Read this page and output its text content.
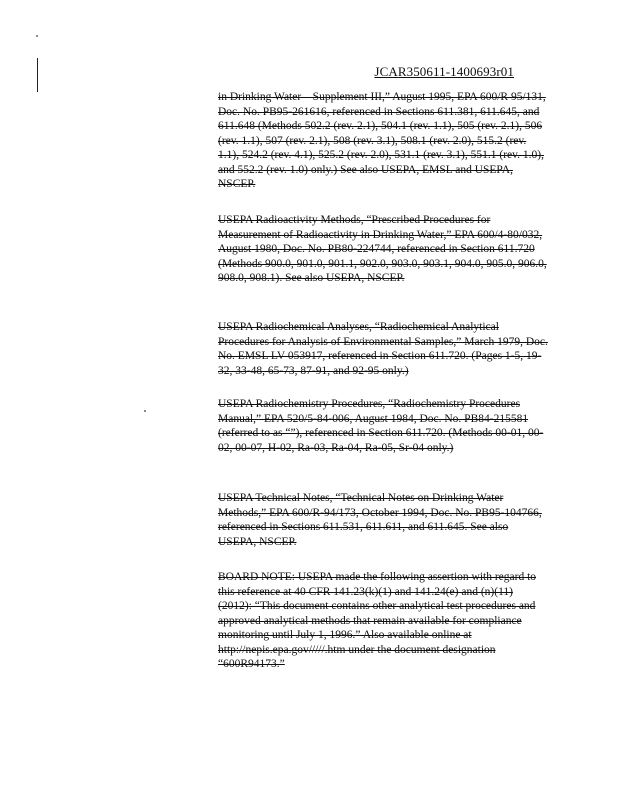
JCAR350611-1400693r01

in Drinking Water – Supplement III,” August 1995, EPA 600/R 95/131, Doc. No. PB95-261616, referenced in Sections 611.381, 611.645, and 611.648 (Methods 502.2 (rev. 2.1), 504.1 (rev. 1.1), 505 (rev. 2.1), 506 (rev. 1.1), 507 (rev. 2.1), 508 (rev. 3.1), 508.1 (rev. 2.0), 515.2 (rev. 1.1), 524.2 (rev. 4.1), 525.2 (rev. 2.0), 531.1 (rev. 3.1), 551.1 (rev. 1.0), and 552.2 (rev. 1.0) only.) See also USEPA, EMSL and USEPA, NSCEP.

USEPA Radioactivity Methods, “Prescribed Procedures for Measurement of Radioactivity in Drinking Water,” EPA 600/4-80/032, August 1980, Doc. No. PB80-224744, referenced in Section 611.720 (Methods 900.0, 901.0, 901.1, 902.0, 903.0, 903.1, 904.0, 905.0, 906.0, 908.0, 908.1). See also USEPA, NSCEP.

USEPA Radiochemical Analyses, “Radiochemical Analytical Procedures for Analysis of Environmental Samples,” March 1979, Doc. No. EMSL LV 053917, referenced in Section 611.720. (Pages 1-5, 19-32, 33-48, 65-73, 87-91, and 92-95 only.)

USEPA Radiochemistry Procedures, “Radiochemistry Procedures Manual,” EPA 520/5-84-006, August 1984, Doc. No. PB84-215581 (referred to as “”), referenced in Section 611.720. (Methods 00-01, 00-02, 00-07, H-02, Ra-03, Ra-04, Ra-05, Sr-04 only.)

USEPA Technical Notes, “Technical Notes on Drinking Water Methods,” EPA 600/R-94/173, October 1994, Doc. No. PB95-104766, referenced in Sections 611.531, 611.611, and 611.645. See also USEPA, NSCEP.

BOARD NOTE: USEPA made the following assertion with regard to this reference at 40 CFR 141.23(k)(1) and 141.24(e) and (n)(11) (2012): “This document contains other analytical test procedures and approved analytical methods that remain available for compliance monitoring until July 1, 1996.” Also available online at http://nepis.epa.gov/////.htm under the document designation “600R94173.”
